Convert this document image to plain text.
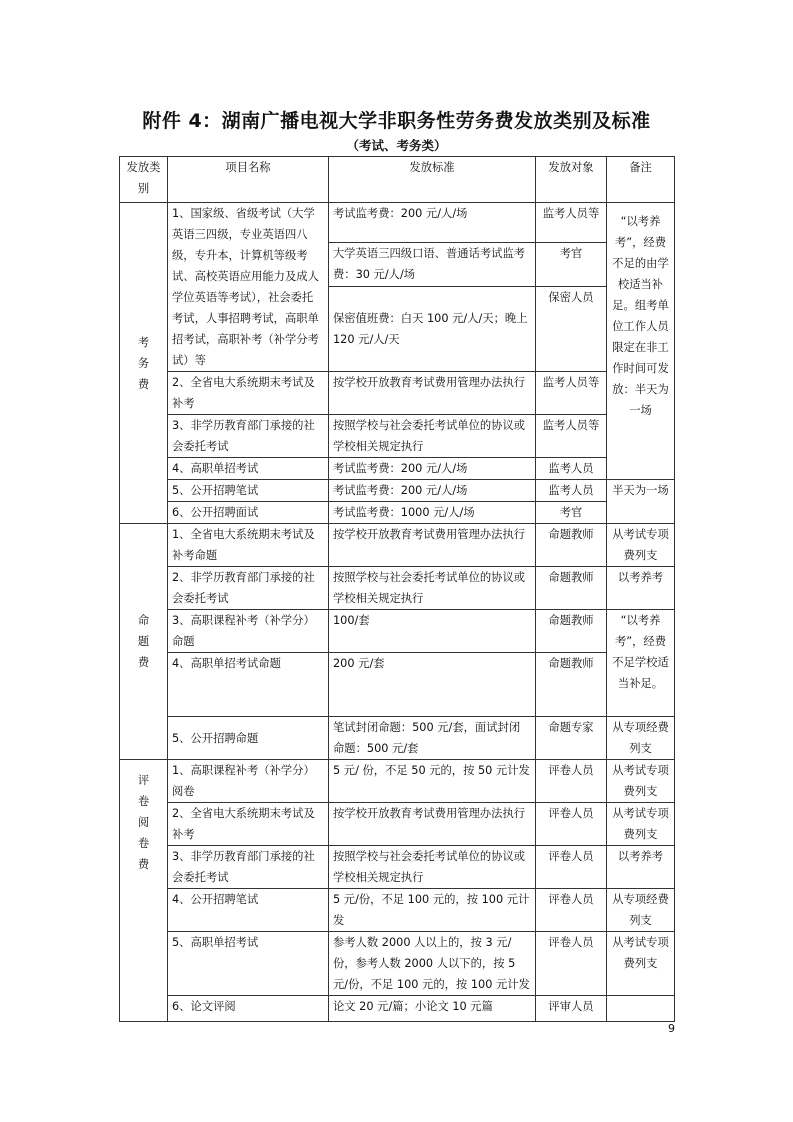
附件 4：湖南广播电视大学非职务性劳务费发放类别及标准
（考试、考务类）
发放类别	项目名称	发放标准	发放对象	备注
考务费	1、国家级、省级考试（大学英语三四级，专业英语四八级，专升本，计算机等级考试、高校英语应用能力及成人学位英语等考试），社会委托考试，人事招聘考试，高职单招考试，高职补考（补学分考试）等	考试监考费：200 元/人/场	监考人员等	“以考养考”，经费不足的由学校适当补足。组考单位工作人员限定在非工作时间可发放：半天为一场
		大学英语三四级口语、普通话考试监考费：30 元/人/场	考官	
		保密值班费：白天 100 元/人/天；晚上 120 元/人/天	保密人员	
	2、全省电大系统期末考试及补考	按学校开放教育考试费用管理办法执行	监考人员等	
	3、非学历教育部门承接的社会委托考试	按照学校与社会委托考试单位的协议或学校相关规定执行	监考人员等	
	4、高职单招考试	考试监考费：200 元/人/场	监考人员	
	5、公开招聘笔试	考试监考费：200 元/人/场	监考人员	半天为一场
	6、公开招聘面试	考试监考费：1000 元/人/场	考官	
命题费	1、全省电大系统期末考试及补考命题	按学校开放教育考试费用管理办法执行	命题教师	从考试专项费列支
	2、非学历教育部门承接的社会委托考试	按照学校与社会委托考试单位的协议或学校相关规定执行	命题教师	以考养考
	3、高职课程补考（补学分）命题	100/套	命题教师	“以考养考”，经费不足学校适当补足。
	4、高职单招考试命题	200 元/套	命题教师	
	5、公开招聘命题	笔试封闭命题：500 元/套，面试封闭命题：500 元/套	命题专家	从专项经费列支
评卷阅卷费	1、高职课程补考（补学分）阅卷	5 元/ 份，不足 50 元的，按 50 元计发	评卷人员	从考试专项费列支
	2、全省电大系统期末考试及补考	按学校开放教育考试费用管理办法执行	评卷人员	从考试专项费列支
	3、非学历教育部门承接的社会委托考试	按照学校与社会委托考试单位的协议或学校相关规定执行	评卷人员	以考养考
	4、公开招聘笔试	5 元/份，不足 100 元的，按 100 元计发	评卷人员	从专项经费列支
	5、高职单招考试	参考人数 2000 人以上的，按 3 元/份，参考人数 2000 人以下的，按 5 元/份，不足 100 元的，按 100 元计发	评卷人员	从考试专项费列支
	6、论文评阅	论文 20 元/篇；小论文 10 元篇	评审人员	
9
